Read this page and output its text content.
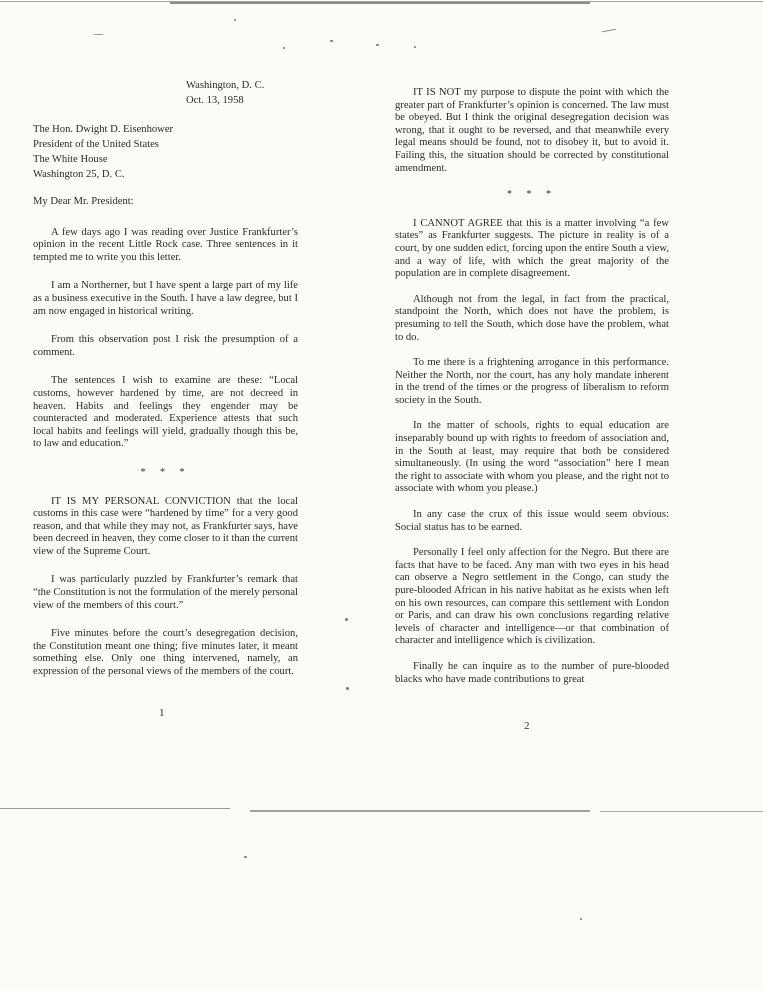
Washington, D. C.
Oct. 13, 1958
The Hon. Dwight D. Eisenhower
President of the United States
The White House
Washington 25, D. C.
My Dear Mr. President:

A few days ago I was reading over Justice Frankfurter’s opinion in the recent Little Rock case. Three sentences in it tempted me to write you this letter.

I am a Northerner, but I have spent a large part of my life as a business executive in the South. I have a law degree, but I am now engaged in historical writing.

From this observation post I risk the presumption of a comment.

The sentences I wish to examine are these: “Local customs, however hardened by time, are not decreed in heaven. Habits and feelings they engender may be counteracted and moderated. Experience attests that such local habits and feelings will yield, gradually though this be, to law and education.”

* * *

IT IS MY PERSONAL CONVICTION that the local customs in this case were “hardened by time” for a very good reason, and that while they may not, as Frankfurter says, have been decreed in heaven, they come closer to it than the current view of the Supreme Court.

I was particularly puzzled by Frankfurter’s remark that “the Constitution is not the formulation of the merely personal view of the members of this court.”

Five minutes before the court’s desegregation decision, the Constitution meant one thing; five minutes later, it meant something else. Only one thing intervened, namely, an expression of the personal views of the members of the court.

1

IT IS NOT my purpose to dispute the point with which the greater part of Frankfurter’s opinion is concerned. The law must be obeyed. But I think the original desegregation decision was wrong, that it ought to be reversed, and that meanwhile every legal means should be found, not to disobey it, but to avoid it. Failing this, the situation should be corrected by constitutional amendment.

* * *

I CANNOT AGREE that this is a matter involving “a few states” as Frankfurter suggests. The picture in reality is of a court, by one sudden edict, forcing upon the entire South a view, and a way of life, with which the great majority of the population are in complete disagreement.

Although not from the legal, in fact from the practical, standpoint the North, which does not have the problem, is presuming to tell the South, which dose have the problem, what to do.

To me there is a frightening arrogance in this performance. Neither the North, nor the court, has any holy mandate inherent in the trend of the times or the progress of liberalism to reform society in the South.

In the matter of schools, rights to equal education are inseparably bound up with rights to freedom of association and, in the South at least, may require that both be considered simultaneously. (In using the word “association” here I mean the right to associate with whom you please, and the right not to associate with whom you please.)

In any case the crux of this issue would seem obvious: Social status has to be earned.

Personally I feel only affection for the Negro. But there are facts that have to be faced. Any man with two eyes in his head can observe a Negro settlement in the Congo, can study the pure-blooded African in his native habitat as he exists when left on his own resources, can compare this settlement with London or Paris, and can draw his own conclusions regarding relative levels of character and intelligence—or that combination of character and intelligence which is civilization.

Finally he can inquire as to the number of pure-blooded blacks who have made contributions to great

2
